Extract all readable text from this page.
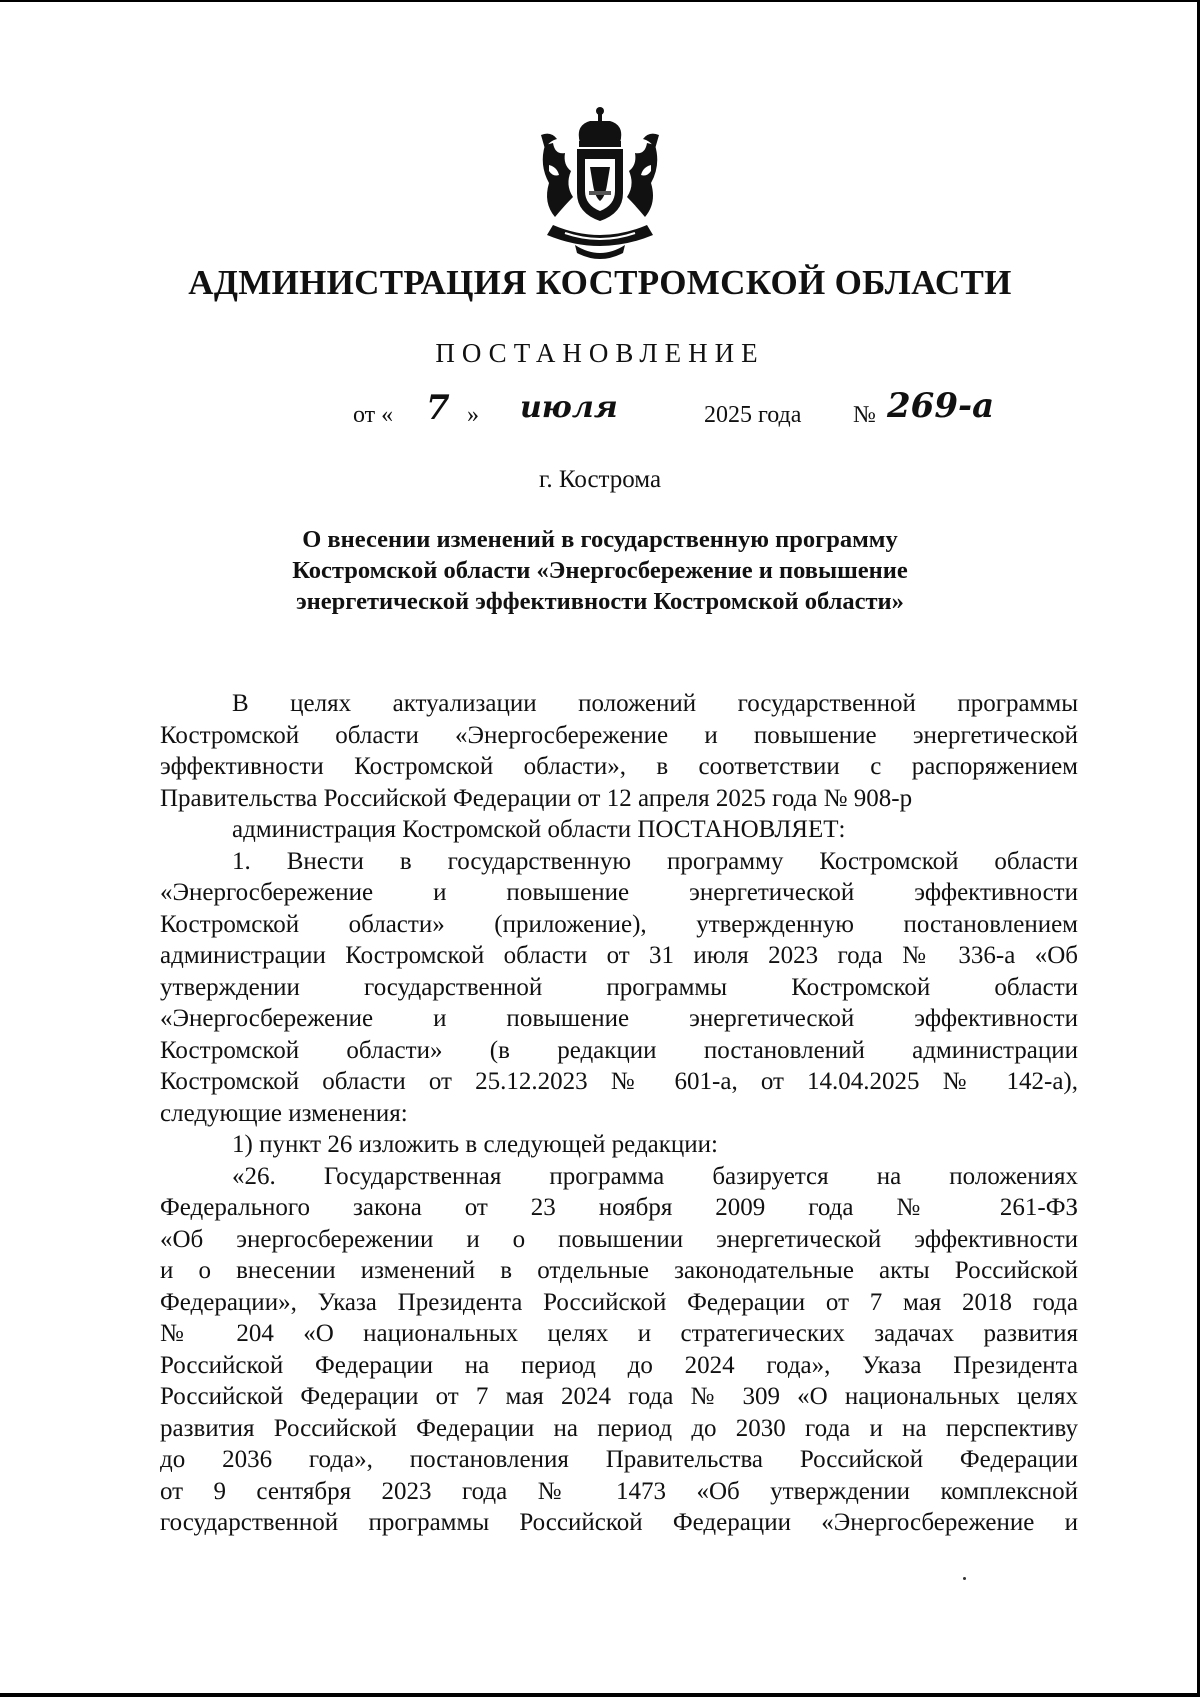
АДМИНИСТРАЦИЯ КОСТРОМСКОЙ ОБЛАСТИ
ПОСТАНОВЛЕНИЕ
от « 7 » июля	2025 года № 269-а
г. Кострома
О внесении изменений в государственную программу
Костромской области «Энергосбережение и повышение
энергетической эффективности Костромской области»
В целях актуализации положений государственной программы
Костромской области «Энергосбережение и повышение энергетической
эффективности Костромской области», в соответствии с распоряжением
Правительства Российской Федерации от 12 апреля 2025 года № 908-р
администрация Костромской области ПОСТАНОВЛЯЕТ:
1. Внести в государственную программу Костромской области
«Энергосбережение и повышение энергетической эффективности
Костромской области» (приложение), утвержденную постановлением
администрации Костромской области от 31 июля 2023 года № 336-а «Об
утверждении государственной программы Костромской области
«Энергосбережение и повышение энергетической эффективности
Костромской области» (в редакции постановлений администрации
Костромской области от 25.12.2023 № 601-а, от 14.04.2025 № 142-а),
следующие изменения:
1) пункт 26 изложить в следующей редакции:
«26. Государственная программа базируется на положениях
Федерального закона от 23 ноября 2009 года № 261-ФЗ
«Об энергосбережении и о повышении энергетической эффективности
и о внесении изменений в отдельные законодательные акты Российской
Федерации», Указа Президента Российской Федерации от 7 мая 2018 года
№ 204 «О национальных целях и стратегических задачах развития
Российской Федерации на период до 2024 года», Указа Президента
Российской Федерации от 7 мая 2024 года № 309 «О национальных целях
развития Российской Федерации на период до 2030 года и на перспективу
до 2036 года», постановления Правительства Российской Федерации
от 9 сентября 2023 года № 1473 «Об утверждении комплексной
государственной программы Российской Федерации «Энергосбережение и
